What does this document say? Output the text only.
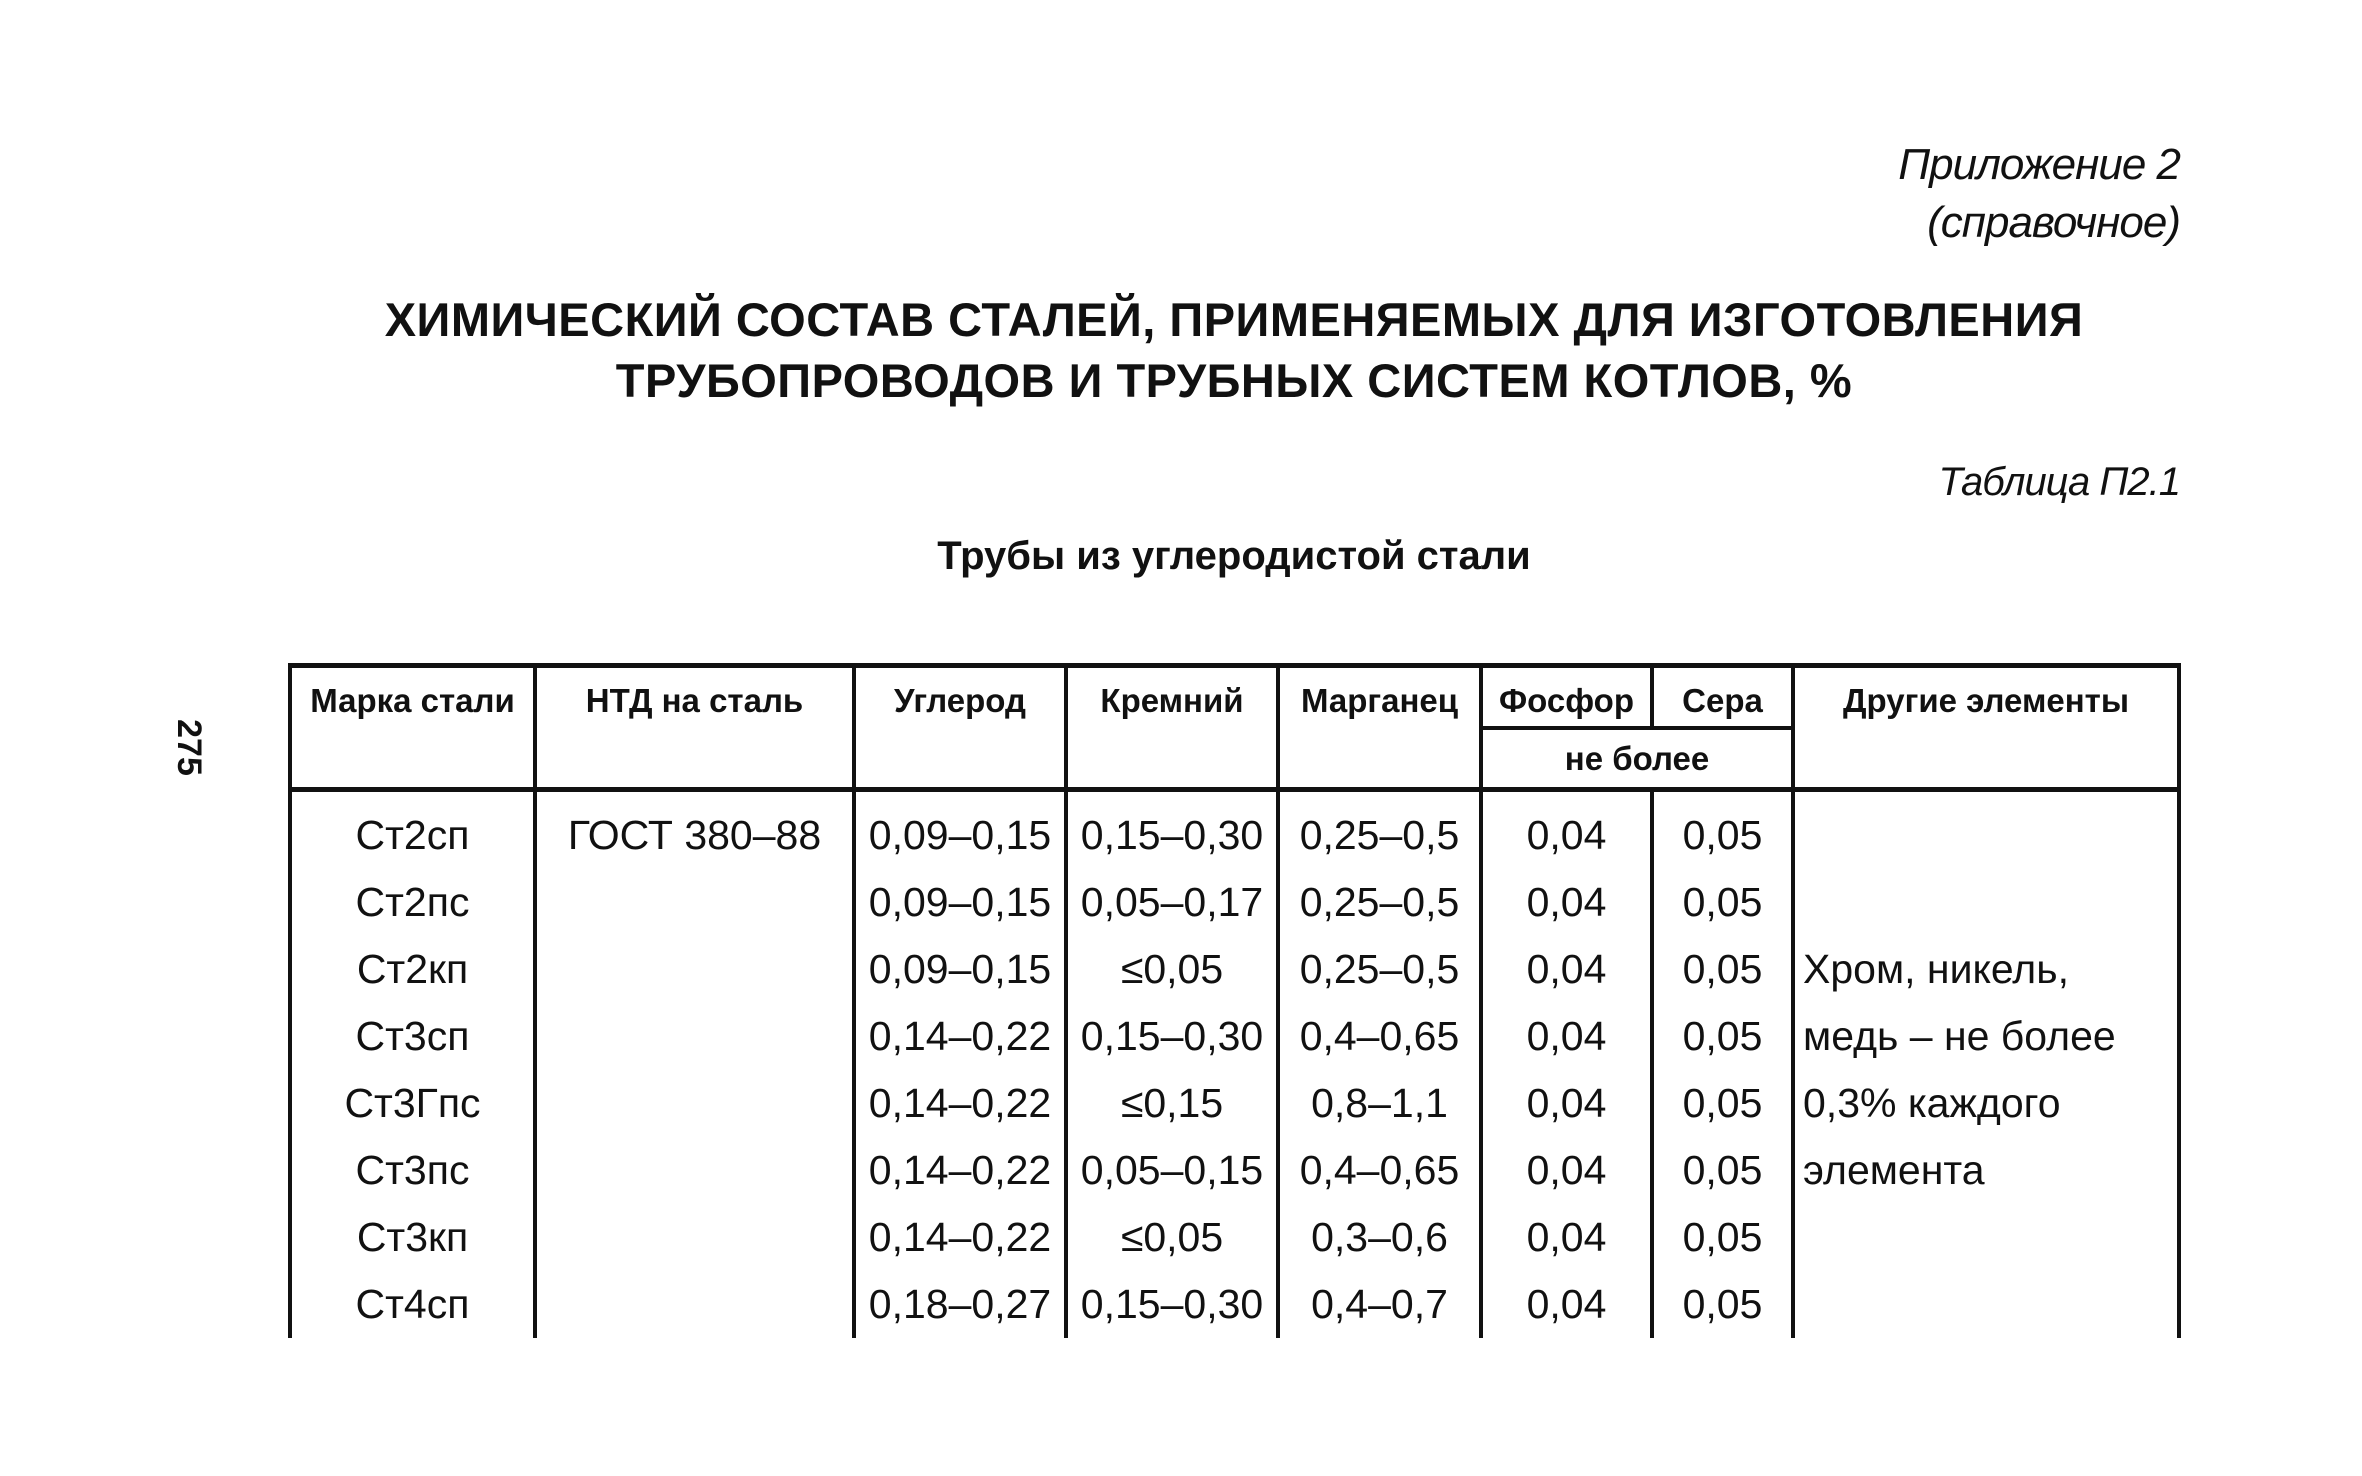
Приложение 2
(справочное)
ХИМИЧЕСКИЙ СОСТАВ СТАЛЕЙ, ПРИМЕНЯЕМЫХ ДЛЯ ИЗГОТОВЛЕНИЯ
ТРУБОПРОВОДОВ И ТРУБНЫХ СИСТЕМ КОТЛОВ, %
Таблица П2.1
Трубы из углеродистой стали
275
Марка стали	НТД на сталь	Углерод	Кремний	Марганец	Фосфор	Сера	Другие элементы
					не более		
Ст2сп	ГОСТ 380–88	0,09–0,15	0,15–0,30	0,25–0,5	0,04	0,05	
Ст2пс		0,09–0,15	0,05–0,17	0,25–0,5	0,04	0,05	
Ст2кп		0,09–0,15	≤0,05	0,25–0,5	0,04	0,05	Хром, никель,
Ст3сп		0,14–0,22	0,15–0,30	0,4–0,65	0,04	0,05	медь – не более
Ст3Гпс		0,14–0,22	≤0,15	0,8–1,1	0,04	0,05	0,3% каждого
Ст3пс		0,14–0,22	0,05–0,15	0,4–0,65	0,04	0,05	элемента
Ст3кп		0,14–0,22	≤0,05	0,3–0,6	0,04	0,05	
Ст4сп		0,18–0,27	0,15–0,30	0,4–0,7	0,04	0,05	
